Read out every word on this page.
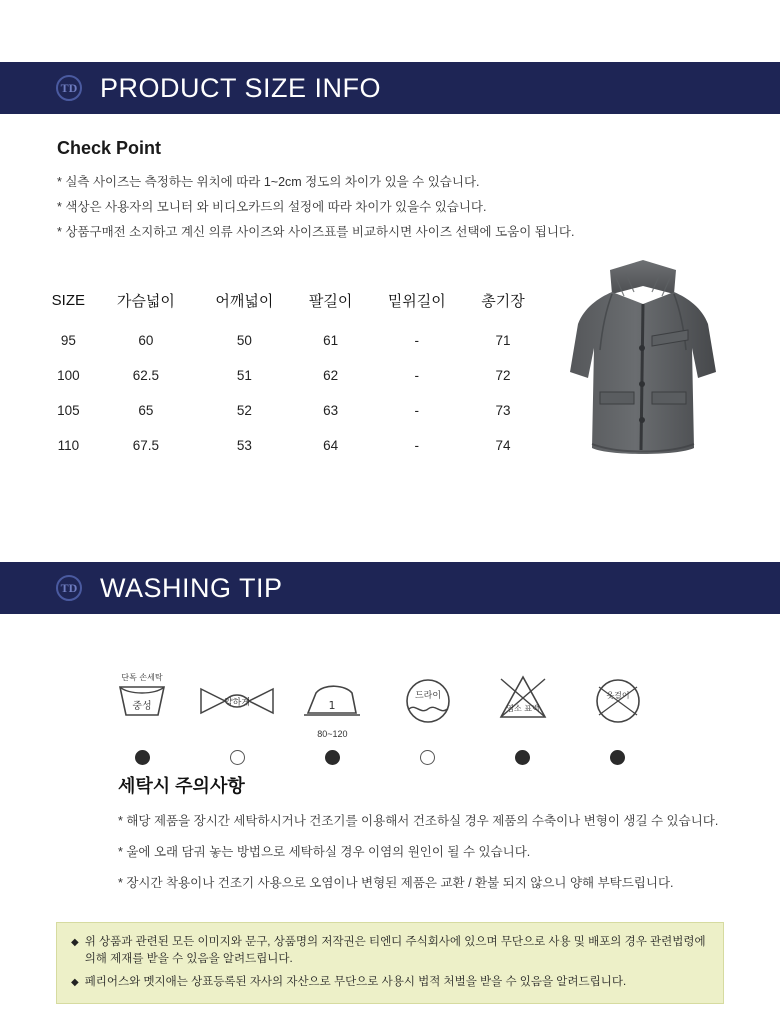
TD PRODUCT SIZE INFO
Check Point
* 실측 사이즈는 측정하는 위치에 따라 1~2cm 정도의 차이가 있을 수 있습니다.
* 색상은 사용자의 모니터 와 비디오카드의 설정에 따라 차이가 있을수 있습니다.
* 상품구매전 소지하고 계신 의류 사이즈와 사이즈표를 비교하시면 사이즈 선택에 도움이 됩니다.
SIZE	가슴넓이	어깨넓이	팔길이	밑위길이	총기장
95	60	50	61	-	71
100	62.5	51	62	-	72
105	65	52	63	-	73
110	67.5	53	64	-	74
TD WASHING TIP
단독 손세탁
중성	약하게	1
80~120
드라이
염소 표백
옷걸이
세탁시 주의사항
* 해당 제품을 장시간 세탁하시거나 건조기를 이용해서 건조하실 경우 제품의 수축이나 변형이 생길 수 있습니다.
* 울에 오래 담궈 놓는 방법으로 세탁하실 경우 이염의 원인이 될 수 있습니다.
* 장시간 착용이나 건조기 사용으로 오염이나 변형된 제품은 교환 / 환불 되지 않으니 양해 부탁드립니다.
◆ 위 상품과 관련된 모든 이미지와 문구, 상품명의 저작권은 티엔디 주식회사에 있으며 무단으로 사용 및 배포의 경우 관련법령에 의해 제재를 받을 수 있음을 알려드립니다.
◆ 페리어스와 멧지애는 상표등록된 자사의 자산으로 무단으로 사용시 법적 처벌을 받을 수 있음을 알려드립니다.
